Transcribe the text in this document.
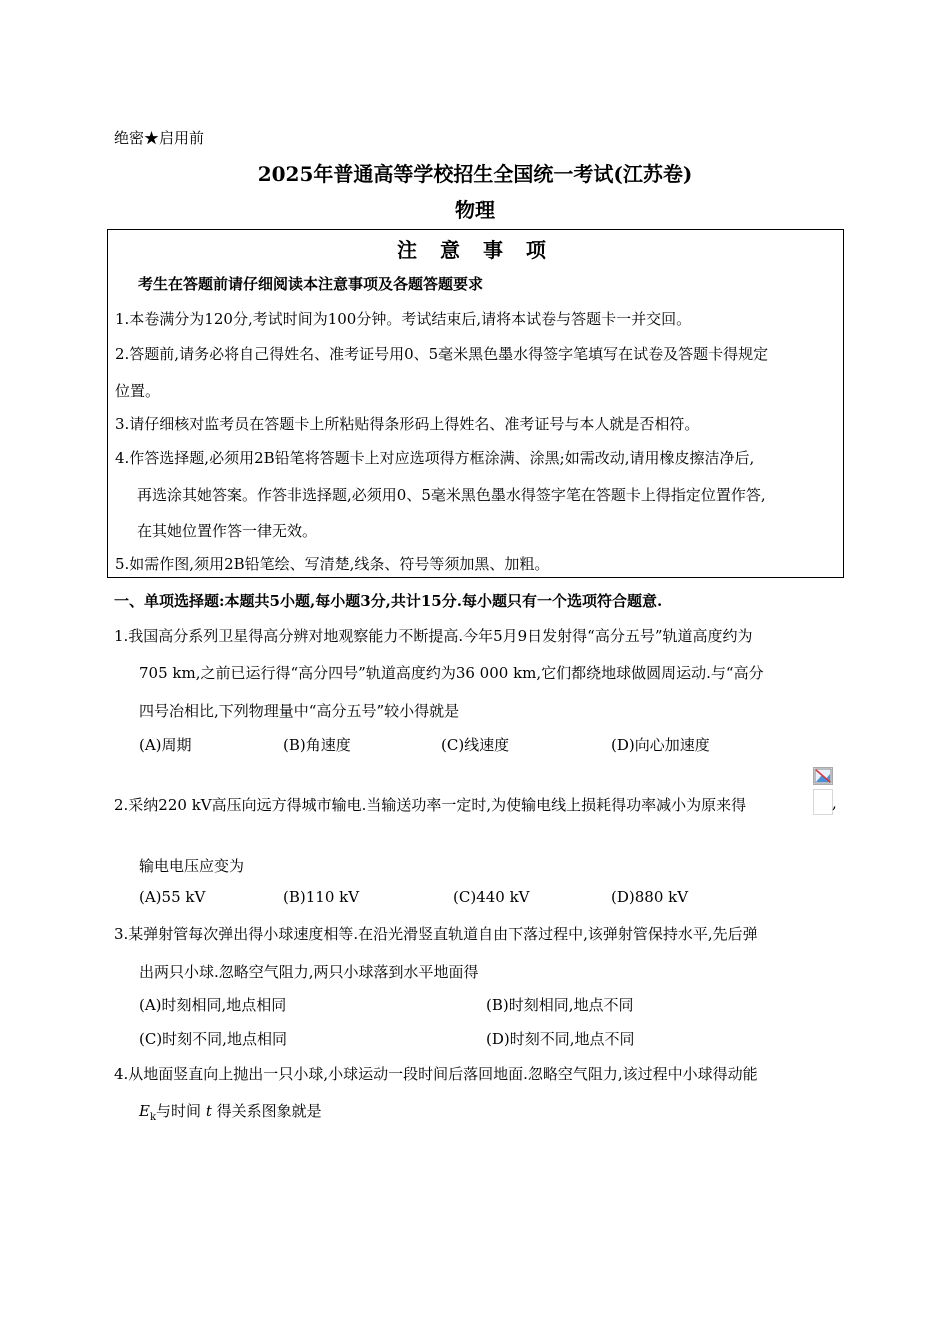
绝密★启用前
2025年普通高等学校招生全国统一考试(江苏卷)
物理
注 意 事 项
考生在答题前请仔细阅读本注意事项及各题答题要求
1.本卷满分为120分,考试时间为100分钟。考试结束后,请将本试卷与答题卡一并交回。
2.答题前,请务必将自己得姓名、准考证号用0、5毫米黑色墨水得签字笔填写在试卷及答题卡得规定
位置。
3.请仔细核对监考员在答题卡上所粘贴得条形码上得姓名、准考证号与本人就是否相符。
4.作答选择题,必须用2B铅笔将答题卡上对应选项得方框涂满、涂黑;如需改动,请用橡皮擦洁净后,
再选涂其她答案。作答非选择题,必须用0、5毫米黑色墨水得签字笔在答题卡上得指定位置作答,
在其她位置作答一律无效。
5.如需作图,须用2B铅笔绘、写清楚,线条、符号等须加黑、加粗。
一、单项选择题:本题共5小题,每小题3分,共计15分.每小题只有一个选项符合题意.
1.我国高分系列卫星得高分辨对地观察能力不断提高.今年5月9日发射得“高分五号”轨道高度约为
705 km,之前已运行得“高分四号”轨道高度约为36 000 km,它们都绕地球做圆周运动.与“高分
四号冶相比,下列物理量中“高分五号”较小得就是
(A)周期	(B)角速度	(C)线速度	(D)向心加速度
2.采纳220 kV高压向远方得城市输电.当输送功率一定时,为使输电线上损耗得功率减小为原来得	,
输电电压应变为
(A)55 kV	(B)110 kV	(C)440 kV	(D)880 kV
3.某弹射管每次弹出得小球速度相等.在沿光滑竖直轨道自由下落过程中,该弹射管保持水平,先后弹
出两只小球.忽略空气阻力,两只小球落到水平地面得
(A)时刻相同,地点相同	(B)时刻相同,地点不同
(C)时刻不同,地点相同	(D)时刻不同,地点不同
4.从地面竖直向上抛出一只小球,小球运动一段时间后落回地面.忽略空气阻力,该过程中小球得动能
$E_k$与时间 t 得关系图象就是
